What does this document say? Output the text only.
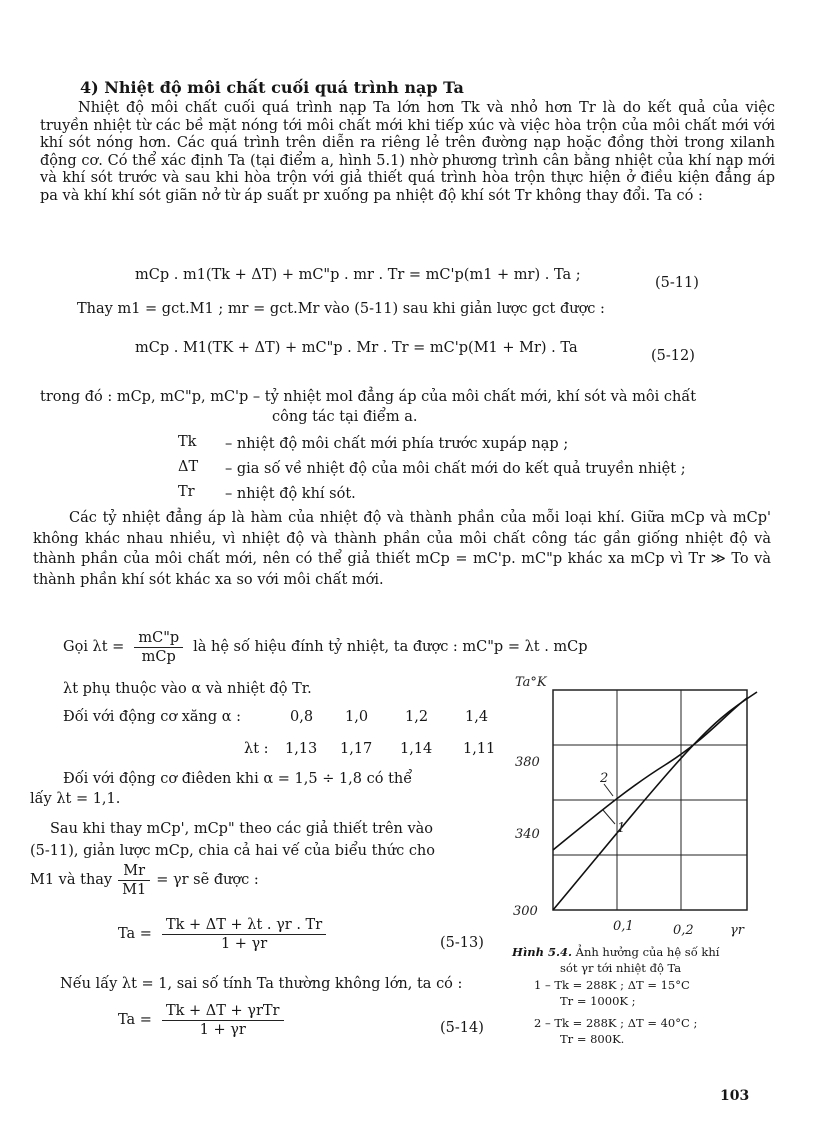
4) Nhiệt độ môi chất cuối quá trình nạp Ta
Nhiệt độ môi chất cuối quá trình nạp Ta lớn hơn Tk và nhỏ hơn Tr là do kết quả của việc truyền nhiệt từ các bề mặt nóng tới môi chất mới khi tiếp xúc và việc hòa trộn của môi chất mới với khí sót nóng hơn. Các quá trình trên diễn ra riêng lẻ trên đường nạp hoặc đồng thời trong xilanh động cơ. Có thể xác định Ta (tại điểm a, hình 5.1) nhờ phương trình cân bằng nhiệt của khí nạp mới và khí sót trước và sau khi hòa trộn với giả thiết quá trình hòa trộn thực hiện ở điều kiện đẳng áp pa và khí khí sót giãn nở từ áp suất pr xuống pa nhiệt độ khí sót Tr không thay đổi. Ta có :
mCp . m1(Tk + ΔT) + mC"p . mr . Tr = mC'p(m1 + mr) . Ta ;	(5-11)
Thay m1 = gct.M1 ; mr = gct.Mr vào (5-11) sau khi giản lược gct được :
mCp . M1(TK + ΔT) + mC"p . Mr . Tr = mC'p(M1 + Mr) . Ta	(5-12)
trong đó : mCp, mC"p, mC'p – tỷ nhiệt mol đẳng áp của môi chất mới, khí sót và môi chất
công tác tại điểm a.
Tk – nhiệt độ môi chất mới phía trước xupáp nạp ;
ΔT – gia số về nhiệt độ của môi chất mới do kết quả truyền nhiệt ;
Tr – nhiệt độ khí sót.
Các tỷ nhiệt đẳng áp là hàm của nhiệt độ và thành phần của mỗi loại khí. Giữa mCp và mCp' không khác nhau nhiều, vì nhiệt độ và thành phần của môi chất công tác gần giống nhiệt độ và thành phần của môi chất mới, nên có thể giả thiết mCp = mC'p. mC"p khác xa mCp vì Tr ≫ To và thành phần khí sót khác xa so với môi chất mới.
Gọi $\lambda t = \frac{mC"p}{\text{mCp}}$ là hệ số hiệu đính tỷ nhiệt, ta được : mC"p = λt . mCp
λt phụ thuộc vào α và nhiệt độ Tr.
Đối với động cơ xăng α :	0,8 1,0	1,2	1,4
λt : 1,13 1,17 1,14 1,11
Đối với động cơ điêden khi α = 1,5 ÷ 1,8 có thể
lấy λt = 1,1.
Sau khi thay mCp', mCp" theo các giả thiết trên vào
(5-11), giản lược mCp, chia cả hai vế của biểu thức cho
M1 và thay $\frac{Mr}{M1} = \gamma r$ sẽ được :
$Ta = \frac{Tk + \Delta T + \lambda t . \gamma r . Tr}{1 + \gamma r}$	(5-13)
Nếu lấy λt = 1, sai số tính Ta thường không lớn, ta có :
$Ta = \frac{\text{Tk + ΔT + γrTr}}{1 + \gamma r}$	(5-14)
Ta°K
380
340
300
0,1	0,2	γr
2
1
Hình 5.4. Ảnh hưởng của hệ số khí
sót γr tới nhiệt độ Ta
1 – Tk = 288K ; ΔT = 15°C
Tr = 1000K ;
2 – Tk = 288K ; ΔT = 40°C ;
Tr = 800K.
103
